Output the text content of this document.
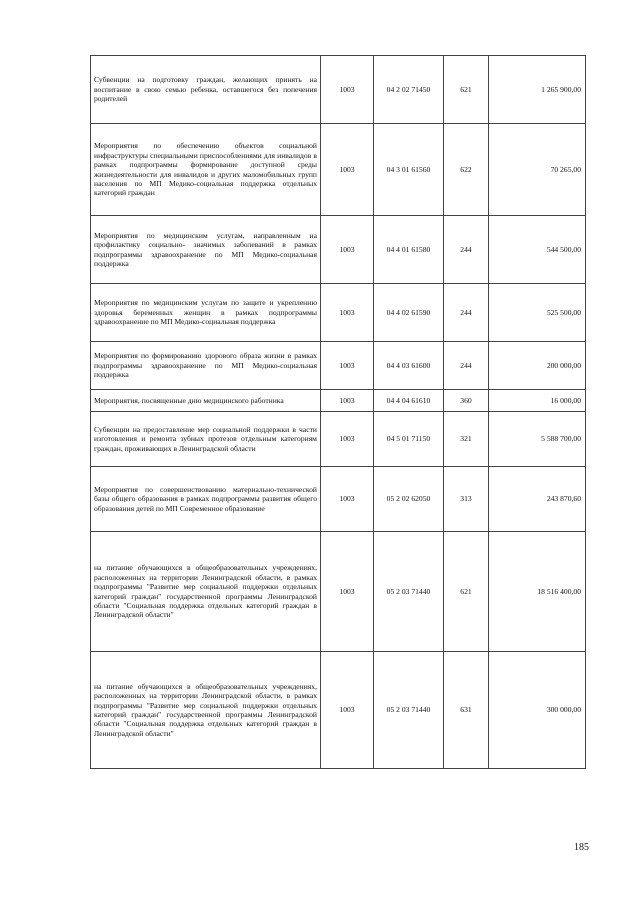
Субвенции на подготовку граждан, желающих принять на воспитание в свою семью ребенка, оставшегося без попечения родителей	1003	04 2 02 71450	621	1 265 900,00
Мероприятия по обеспечению объектов социальной инфраструктуры специальными приспособлениями для инвалидов в рамках подпрограммы формирование доступной среды жизнедеятельности для инвалидов и других маломобильных групп населения по МП Медико-социальная поддержка отдельных категорий граждан	1003	04 3 01 61560	622	70 265,00
Мероприятия по медицинским услугам, направленным на профилактику социально- значимых заболеваний в рамках подпрограммы здравоохранение по МП Медико-социальная поддержка	1003	04 4 01 61580	244	544 500,00
Мероприятия по медицинским услугам по защите и укреплению здоровья беременных женщин в рамках подпрограммы здравоохранение по МП Медико-социальная поддержка	1003	04 4 02 61590	244	525 500,00
Мероприятия по формированию здорового образа жизни в рамках подпрограммы здравоохранение по МП Медико-социальная поддержка	1003	04 4 03 61600	244	200 000,00
Мероприятия, посвященные дню медицинского работника	1003	04 4 04 61610	360	16 000,00
Субвенции на предоставление мер социальной поддержки в части изготовления и ремонта зубных протезов отдельным категориям граждан, проживающих в Ленинградской области	1003	04 5 01 71150	321	5 588 700,00
Мероприятия по совершенствованию материально-технической базы общего образования в рамках подпрограммы развития общего образования детей по МП Современное образование	1003	05 2 02 62050	313	243 870,60
на питание обучающихся в общеобразовательных учреждениях, расположенных на территории Ленинградской области, в рамках подпрограммы "Развитие мер социальной поддержки отдельных категорий граждан" государственной программы Ленинградской области "Социальная поддержка отдельных категорий граждан в Ленинградской области"	1003	05 2 03 71440	621	18 516 400,00
на питание обучающихся в общеобразовательных учреждениях, расположенных на территории Ленинградской области, в рамках подпрограммы "Развитие мер социальной поддержки отдельных категорий граждан" государственной программы Ленинградской области "Социальная поддержка отдельных категорий граждан в Ленинградской области"	1003	05 2 03 71440	631	300 000,00
185
